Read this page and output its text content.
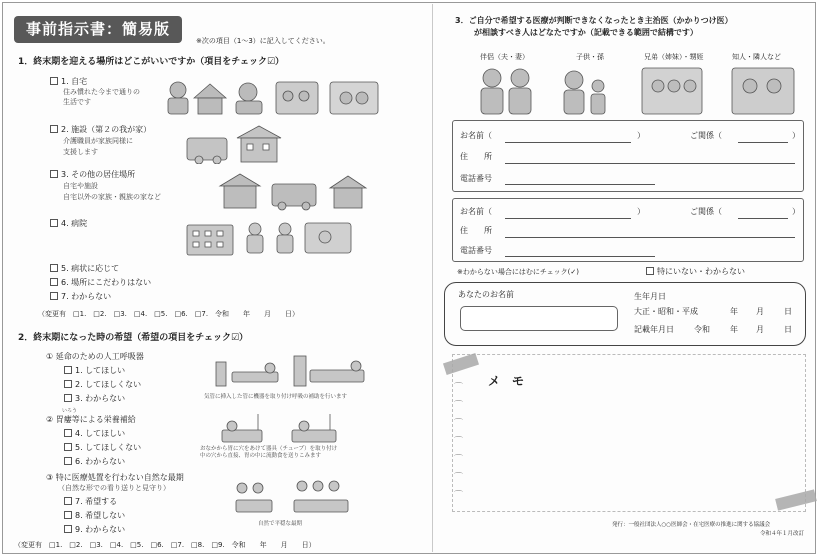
事前指示書：簡易版
※次の項目（1〜3）に記入してください。
1．終末期を迎える場所はどこがいいですか（項目をチェック☑）
1. 自宅
住み慣れた今まで通りの
生活です
2. 施設（第２の我が家）
介護職員が家族同様に
支援します
3. その他の居住場所
自宅や施設
自宅以外の家族・親族の家など
4. 病院
5. 病状に応じて
6. 場所にこだわりはない
7. わからない
（変更有　□1.　□2.　□3.　□4.　□5.　□6.　□7.　令和　　年　　月　　日）
2．終末期になった時の希望（希望の項目をチェック☑）
① 延命のための人工呼吸器
1. してほしい
2. してほしくない
3. わからない	気管に挿入した管に機器を取り付け呼吸の補助を行います
いろう
② 胃瘻等による栄養補給
4. してほしい
5. してほしくない
6. わからない
おなかから胃に穴をあけて器具（チューブ）を取り付け
中の穴から直接、胃の中に流動食を送りこみます
③ 特に医療処置を行わない自然な最期
（自然な形での看り送りと見守り）
7. 希望する
8. 希望しない
9. わからない
自然で平穏な最期
（変更有　□1.　□2.　□3.　□4.　□5.　□6.　□7.　□8.　□9.　令和　　年　　月　　日）
3．ご自分で希望する医療が判断できなくなったとき主治医（かかりつけ医）
が相談すべき人はどなたですか（記載できる範囲で結構です）
伴侶（夫・妻）	子供・孫	兄弟（姉妹）・甥姪	知人・隣人など
お名前（	）	ご関係（	）
住　　所
電話番号
お名前（	）	ご関係（	）
住　　所
電話番号
※わからない場合にはむにチェック(✓)	特にいない・わからない
あなたのお名前	生年月日
大正・昭和・平成	年 月	日
記載年月日	令和	年 月	日
メ　モ
⌒
⌒
⌒
⌒
⌒
⌒
⌒
発行：一般社団法人○○医師会・在宅医療の推進に関する協議会
令和４年１月改訂
